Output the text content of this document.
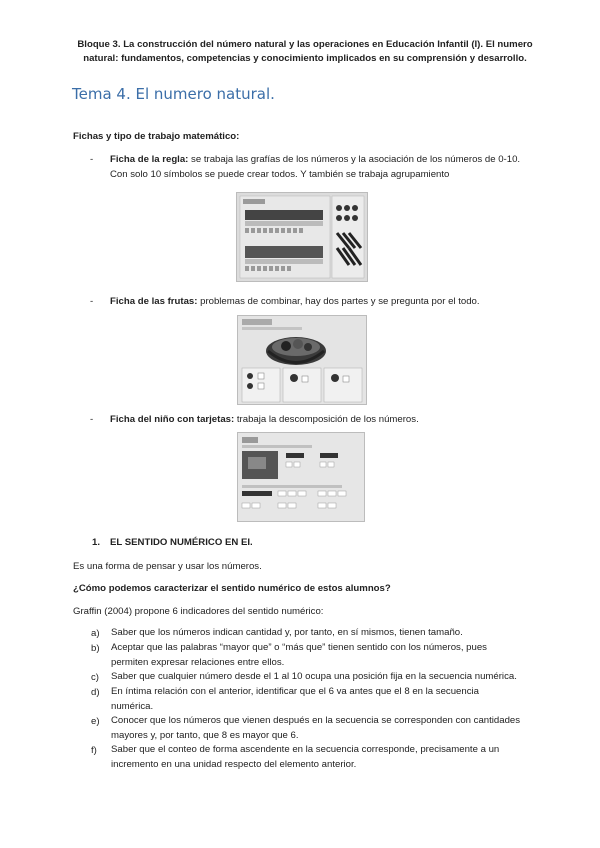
Bloque 3. La construcción del número natural y las operaciones en Educación Infantil (I). El numero
natural: fundamentos, competencias y conocimiento implicados en su comprensión y desarrollo.
Tema 4. El numero natural.
Fichas y tipo de trabajo matemático:
- Ficha de la regla: se trabaja las grafías de los números y la asociación de los números de 0-10.
Con solo 10 símbolos se puede crear todos. Y también se trabaja agrupamiento
- Ficha de las frutas: problemas de combinar, hay dos partes y se pregunta por el todo.
- Ficha del niño con tarjetas: trabaja la descomposición de los números.
1. EL SENTIDO NUMÉRICO EN EI.
Es una forma de pensar y usar los números.
¿Cómo podemos caracterizar el sentido numérico de estos alumnos?
Graffin (2004) propone 6 indicadores del sentido numérico:
a) Saber que los números indican cantidad y, por tanto, en sí mismos, tienen tamaño.
b) Aceptar que las palabras “mayor que” o “más que” tienen sentido con los números, pues
permiten expresar relaciones entre ellos.
c) Saber que cualquier número desde el 1 al 10 ocupa una posición fija en la secuencia numérica.
d) En íntima relación con el anterior, identificar que el 6 va antes que el 8 en la secuencia
numérica.
e) Conocer que los números que vienen después en la secuencia se corresponden con cantidades
mayores y, por tanto, que 8 es mayor que 6.
f) Saber que el conteo de forma ascendente en la secuencia corresponde, precisamente a un
incremento en una unidad respecto del elemento anterior.
